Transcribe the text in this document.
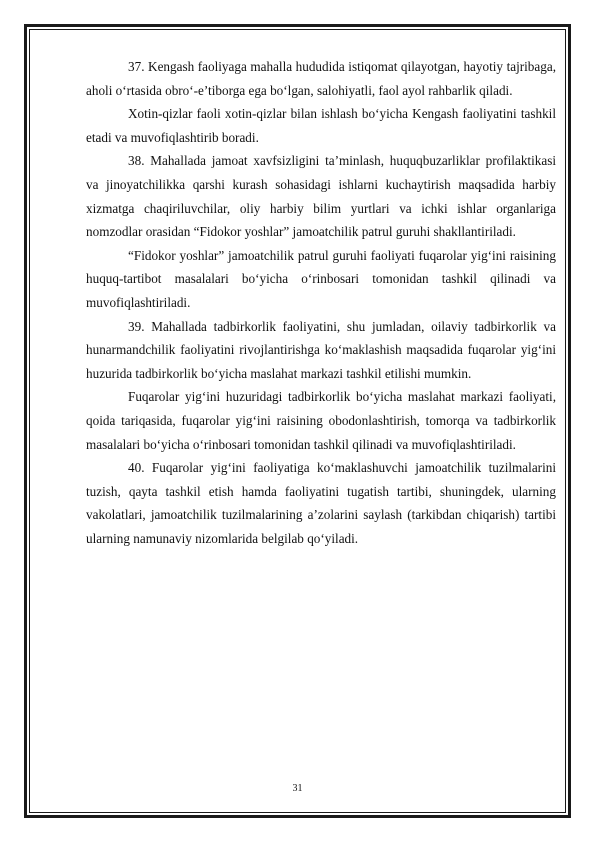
37. Kengash faoliyaga mahalla hududida istiqomat qilayotgan, hayotiy tajribaga, aholi o‘rtasida obro‘-e’tiborga ega bo‘lgan, salohiyatli, faol ayol rahbarlik qiladi.

Xotin-qizlar faoli xotin-qizlar bilan ishlash bo‘yicha Kengash faoliyatini tashkil etadi va muvofiqlashtirib boradi.

38. Mahallada jamoat xavfsizligini ta’minlash, huquqbuzarliklar profilaktikasi va jinoyatchilikka qarshi kurash sohasidagi ishlarni kuchaytirish maqsadida harbiy xizmatga chaqiriluvchilar, oliy harbiy bilim yurtlari va ichki ishlar organlariga nomzodlar orasidan “Fidokor yoshlar” jamoatchilik patrul guruhi shakllantiriladi.

“Fidokor yoshlar” jamoatchilik patrul guruhi faoliyati fuqarolar yig‘ini raisining huquq-tartibot masalalari bo‘yicha o‘rinbosari tomonidan tashkil qilinadi va muvofiqlashtiriladi.

39. Mahallada tadbirkorlik faoliyatini, shu jumladan, oilaviy tadbirkorlik va hunarmandchilik faoliyatini rivojlantirishga ko‘maklashish maqsadida fuqarolar yig‘ini huzurida tadbirkorlik bo‘yicha maslahat markazi tashkil etilishi mumkin.

Fuqarolar yig‘ini huzuridagi tadbirkorlik bo‘yicha maslahat markazi faoliyati, qoida tariqasida, fuqarolar yig‘ini raisining obodonlashtirish, tomorqa va tadbirkorlik masalalari bo‘yicha o‘rinbosari tomonidan tashkil qilinadi va muvofiqlashtiriladi.

40. Fuqarolar yig‘ini faoliyatiga ko‘maklashuvchi jamoatchilik tuzilmalarini tuzish, qayta tashkil etish hamda faoliyatini tugatish tartibi, shuningdek, ularning vakolatlari, jamoatchilik tuzilmalarining a’zolarini saylash (tarkibdan chiqarish) tartibi ularning namunaviy nizomlarida belgilab qo‘yiladi.

31
